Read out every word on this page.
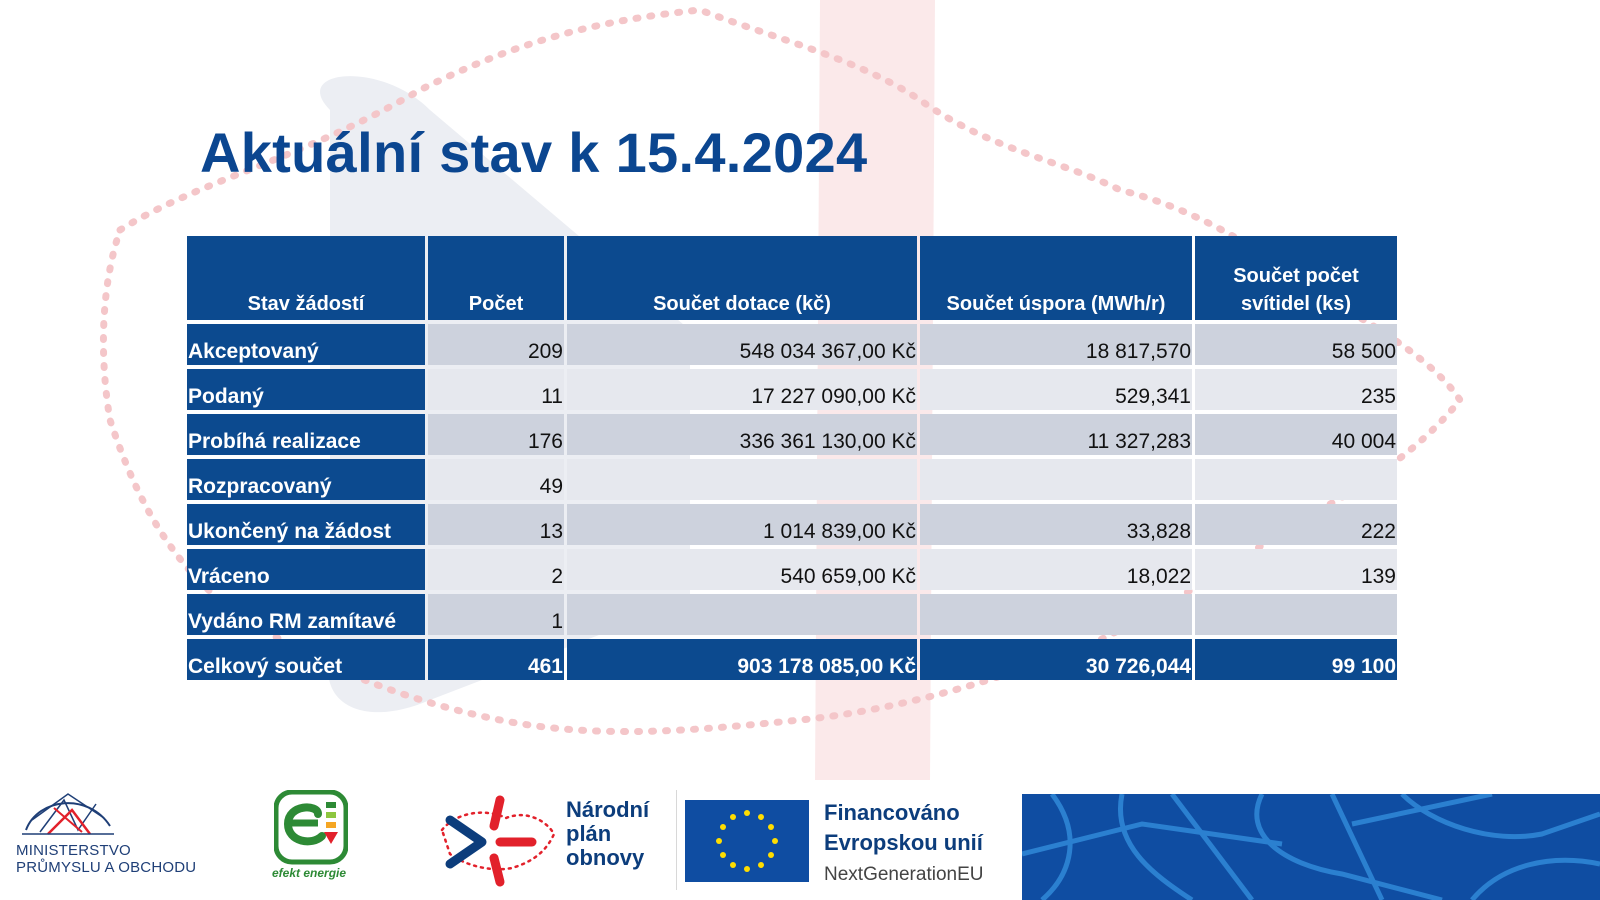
Aktuální stav k 15.4.2024
Stav žádostí	Počet	Součet dotace (kč)	Součet úspora (MWh/r)	Součet počet svítidel (ks)
Akceptovaný	209	548 034 367,00 Kč	18 817,570	58 500
Podaný	11	17 227 090,00 Kč	529,341	235
Probíhá realizace	176	336 361 130,00 Kč	11 327,283	40 004
Rozpracovaný	49			
Ukončený na žádost	13	1 014 839,00 Kč	33,828	222
Vráceno	2	540 659,00 Kč	18,022	139
Vydáno RM zamítavé	1			
Celkový součet	461	903 178 085,00 Kč	30 726,044	99 100
MINISTERSTVO
PRŮMYSLU A OBCHODU	efekt energie
Národní
plán
obnovy
Financováno
Evropskou unií
NextGenerationEU
